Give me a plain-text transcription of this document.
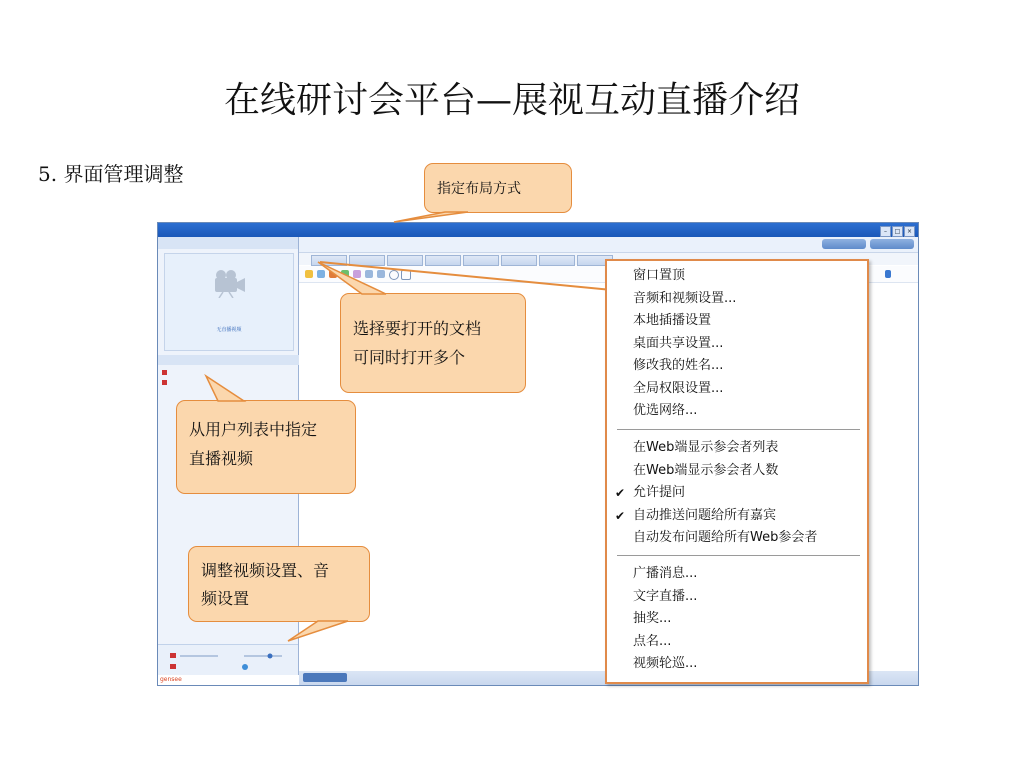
在线研讨会平台—展视互动直播介绍
5. 界面管理调整
– □ ×
无直播视频
gensee
指定布局方式
选择要打开的文档
可同时打开多个
从用户列表中指定
直播视频
调整视频设置、音
频设置
窗口置顶
音频和视频设置...
本地插播设置
桌面共享设置...
修改我的姓名...
全局权限设置...
优选网络...
在Web端显示参会者列表
在Web端显示参会者人数
✔ 允许提问
✔ 自动推送问题给所有嘉宾
自动发布问题给所有Web参会者
广播消息...
文字直播...
抽奖...
点名...
视频轮巡...
